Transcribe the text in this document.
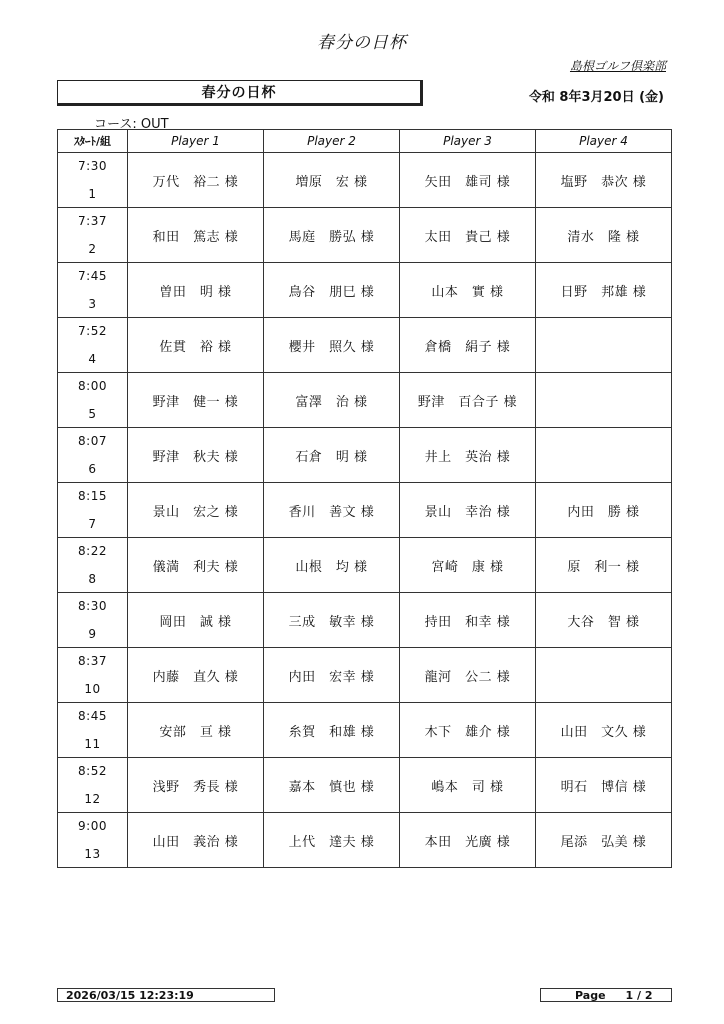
春分の日杯
島根ゴルフ倶楽部
春分の日杯	令和 8年3月20日 (金)
コース: OUT
ｽﾀｰﾄ/組	Player 1	Player 2	Player 3	Player 4

7:30
1	万代　裕二 様	増原　宏 様	矢田　雄司 様	塩野　恭次 様

7:37
2	和田　篤志 様	馬庭　勝弘 様	太田　貴己 様	清水　隆 様

7:45
3	曽田　明 様	鳥谷　朋巳 様	山本　實 様	日野　邦雄 様

7:52
4	佐貫　裕 様	櫻井　照久 様	倉橋　絹子 様	

8:00
5	野津　健一 様	富澤　治 様	野津　百合子 様	

8:07
6	野津　秋夫 様	石倉　明 様	井上　英治 様	

8:15
7	景山　宏之 様	香川　善文 様	景山　幸治 様	内田　勝 様

8:22
8	儀満　利夫 様	山根　均 様	宮崎　康 様	原　利一 様

8:30
9	岡田　誠 様	三成　敏幸 様	持田　和幸 様	大谷　智 様

8:37
10	内藤　直久 様	内田　宏幸 様	龍河　公二 様	

8:45
11	安部　亘 様	糸賀　和雄 様	木下　雄介 様	山田　文久 様

8:52
12	浅野　秀長 様	嘉本　慎也 様	嶋本　司 様	明石　博信 様

9:00
13	山田　義治 様	上代　達夫 様	本田　光廣 様	尾添　弘美 様
2026/03/15 12:23:19	Page 1 / 2
